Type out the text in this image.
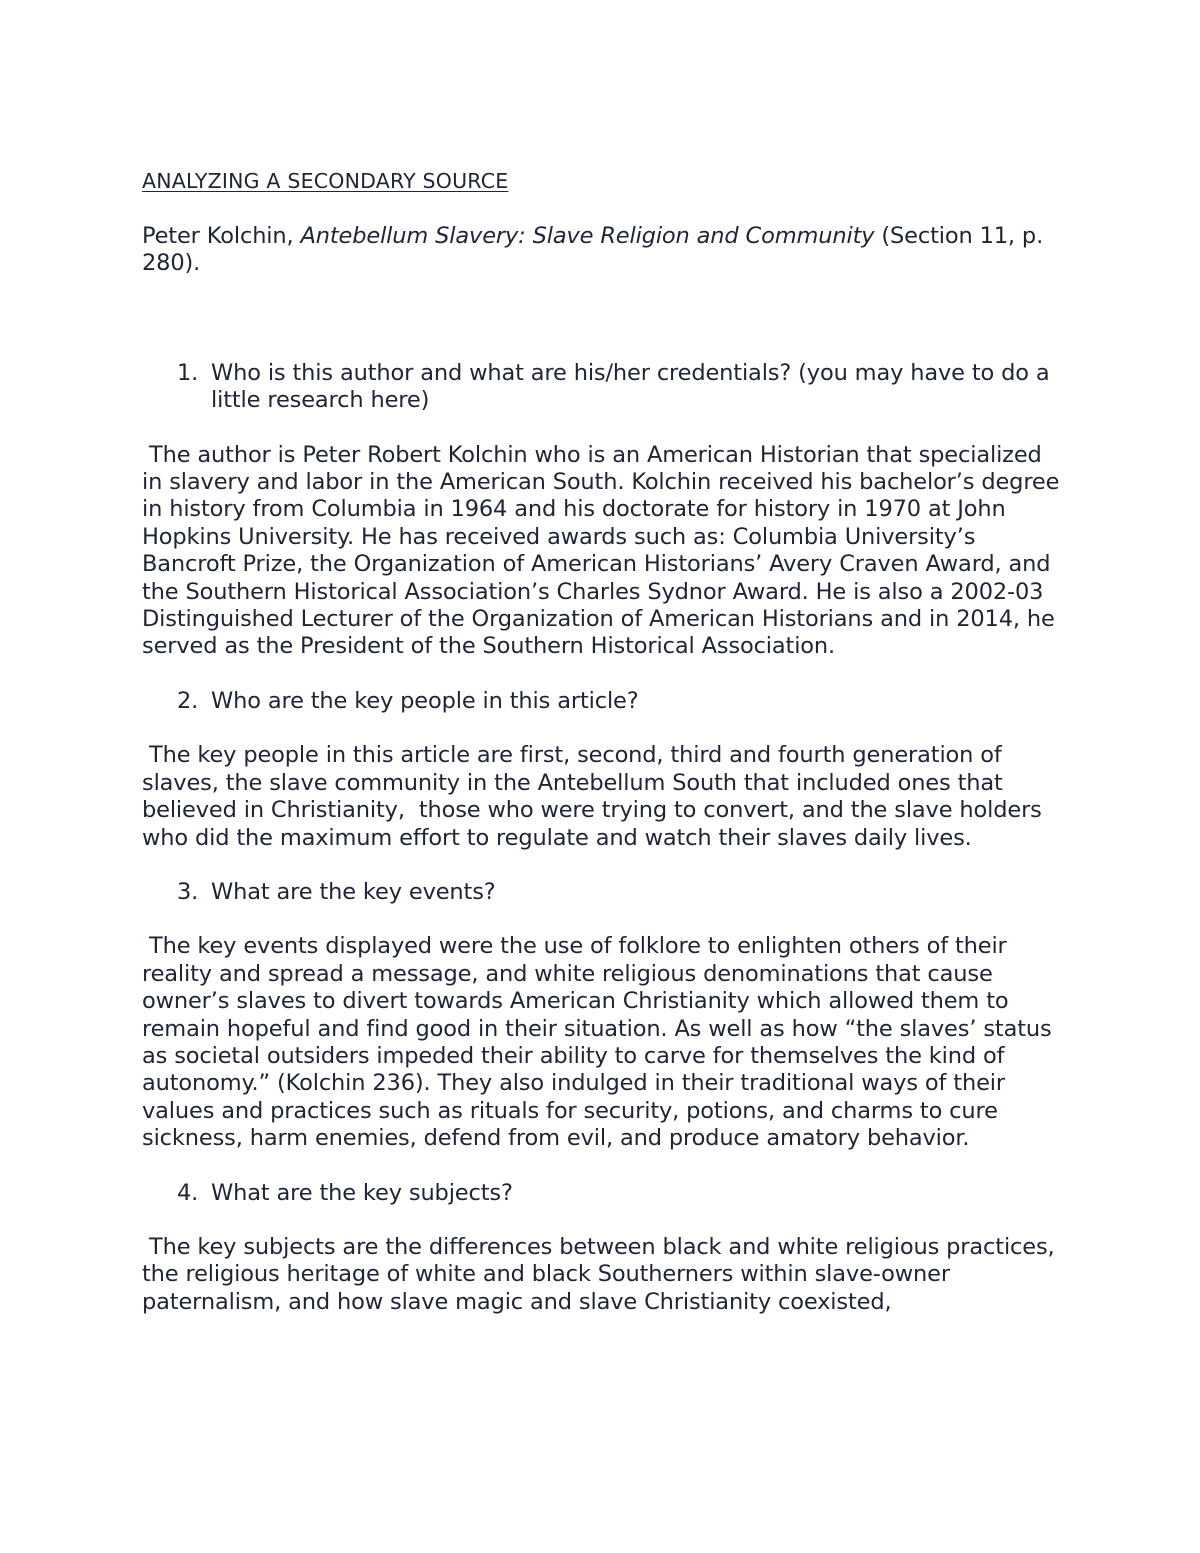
ANALYZING A SECONDARY SOURCE

Peter Kolchin, Antebellum Slavery: Slave Religion and Community (Section 11, p. 280).

1. Who is this author and what are his/her credentials? (you may have to do a little research here)

The author is Peter Robert Kolchin who is an American Historian that specialized in slavery and labor in the American South. Kolchin received his bachelor’s degree in history from Columbia in 1964 and his doctorate for history in 1970 at John Hopkins University. He has received awards such as: Columbia University’s Bancroft Prize, the Organization of American Historians’ Avery Craven Award, and the Southern Historical Association’s Charles Sydnor Award. He is also a 2002-03 Distinguished Lecturer of the Organization of American Historians and in 2014, he served as the President of the Southern Historical Association.

2. Who are the key people in this article?

The key people in this article are first, second, third and fourth generation of slaves, the slave community in the Antebellum South that included ones that believed in Christianity,  those who were trying to convert, and the slave holders who did the maximum effort to regulate and watch their slaves daily lives.

3. What are the key events?

The key events displayed were the use of folklore to enlighten others of their reality and spread a message, and white religious denominations that cause owner’s slaves to divert towards American Christianity which allowed them to remain hopeful and find good in their situation. As well as how “the slaves’ status as societal outsiders impeded their ability to carve for themselves the kind of autonomy.” (Kolchin 236). They also indulged in their traditional ways of their values and practices such as rituals for security, potions, and charms to cure sickness, harm enemies, defend from evil, and produce amatory behavior.

4. What are the key subjects?

The key subjects are the differences between black and white religious practices, the religious heritage of white and black Southerners within slave-owner paternalism, and how slave magic and slave Christianity coexisted,
